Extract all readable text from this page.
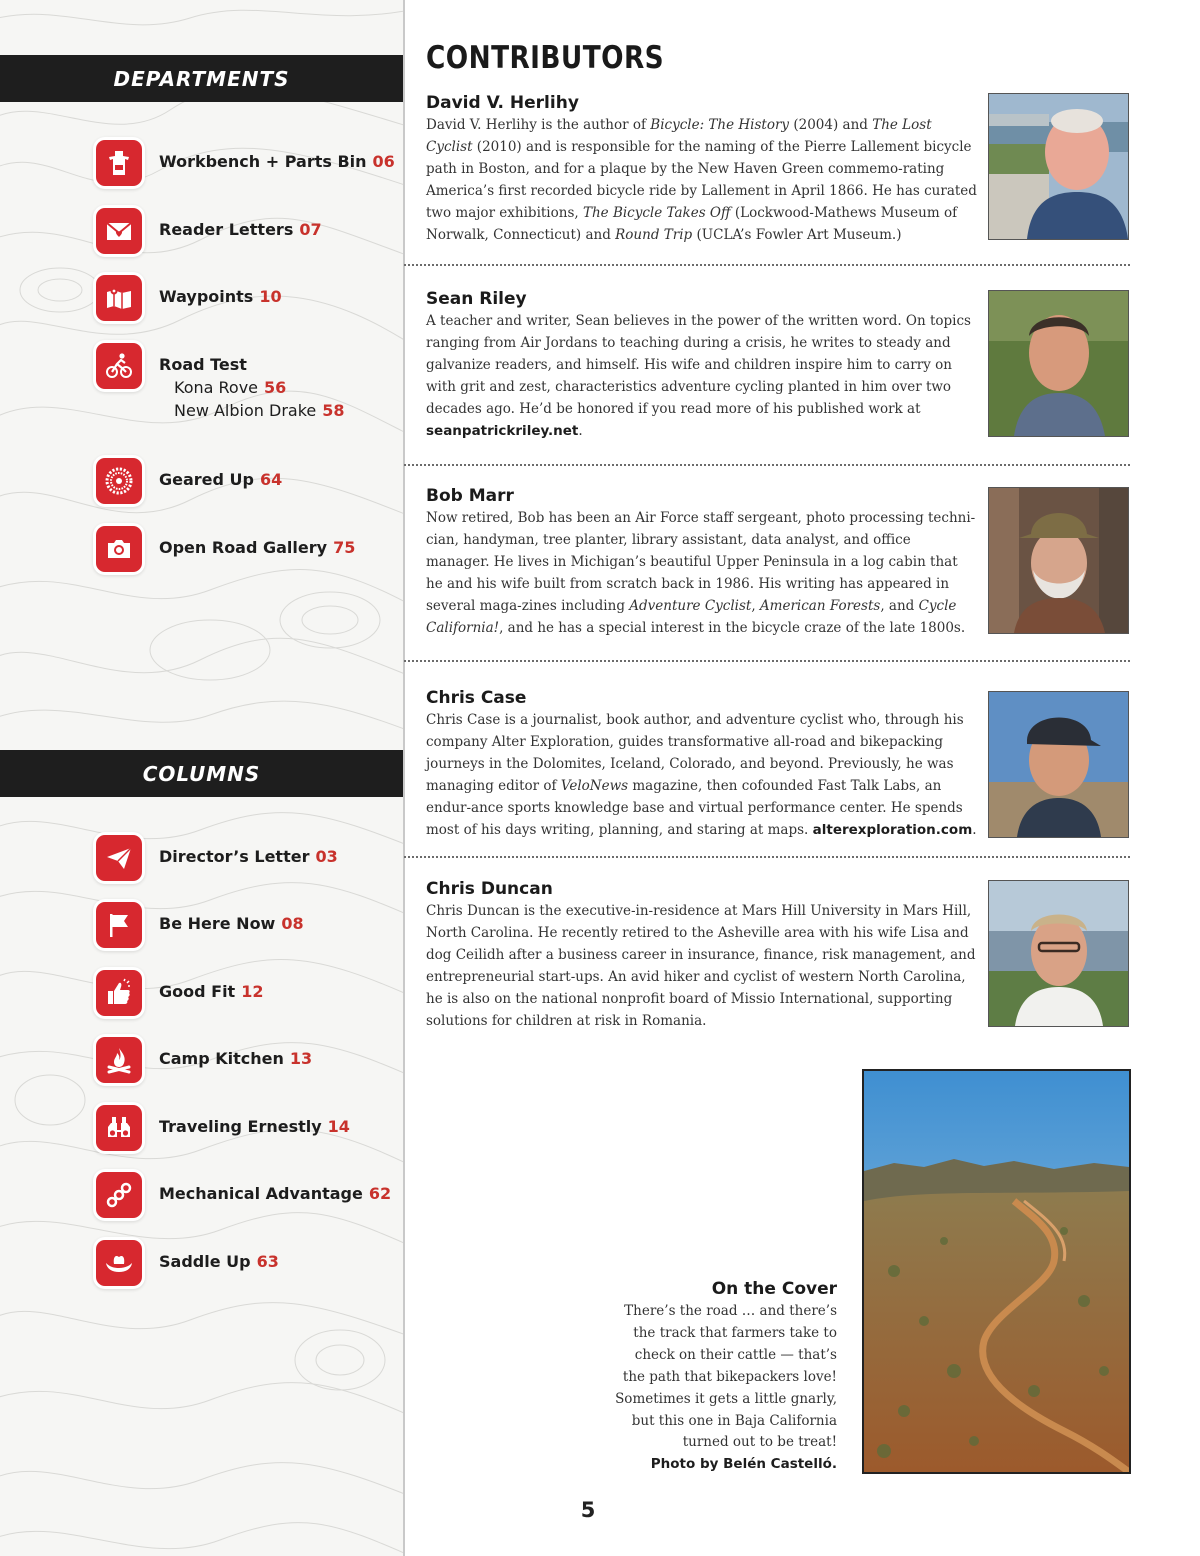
DEPARTMENTS
COLUMNS
Workbench + Parts Bin 06
Reader Letters 07
Waypoints 10
Road Test
Kona Rove 56
New Albion Drake 58
Geared Up 64
Open Road Gallery 75
Director’s Letter 03
Be Here Now 08
Good Fit 12
Camp Kitchen 13
Traveling Ernestly 14
Mechanical Advantage 62
Saddle Up 63
CONTRIBUTORS
David V. Herlihy

David V. Herlihy is the author of Bicycle: The History (2004) and The Lost Cyclist (2010) and is responsible for the naming of the Pierre Lallement bicycle path in Boston, and for a plaque by the New Haven Green commemo-rating America’s first recorded bicycle ride by Lallement in April 1866. He has curated two major exhibitions, The Bicycle Takes Off (Lockwood-Mathews Museum of Norwalk, Connecticut) and Round Trip (UCLA’s Fowler Art Museum.)

Sean Riley

A teacher and writer, Sean believes in the power of the written word. On topics ranging from Air Jordans to teaching during a crisis, he writes to steady and galvanize readers, and himself. His wife and children inspire him to carry on with grit and zest, characteristics adventure cycling planted in him over two decades ago. He’d be honored if you read more of his published work at seanpatrickriley.net.

Bob Marr

Now retired, Bob has been an Air Force staff sergeant, photo processing techni-cian, handyman, tree planter, library assistant, data analyst, and office manager. He lives in Michigan’s beautiful Upper Peninsula in a log cabin that he and his wife built from scratch back in 1986. His writing has appeared in several maga-zines including Adventure Cyclist, American Forests, and Cycle California!, and he has a special interest in the bicycle craze of the late 1800s.

Chris Case

Chris Case is a journalist, book author, and adventure cyclist who, through his company Alter Exploration, guides transformative all-road and bikepacking journeys in the Dolomites, Iceland, Colorado, and beyond. Previously, he was managing editor of VeloNews magazine, then cofounded Fast Talk Labs, an endur-ance sports knowledge base and virtual performance center. He spends most of his days writing, planning, and staring at maps. alterexploration.com.

Chris Duncan

Chris Duncan is the executive-in-residence at Mars Hill University in Mars Hill, North Carolina. He recently retired to the Asheville area with his wife Lisa and dog Ceilidh after a business career in insurance, finance, risk management, and entrepreneurial start-ups. An avid hiker and cyclist of western North Carolina, he is also on the national nonprofit board of Missio International, supporting solutions for children at risk in Romania.

On the Cover
There’s the road … and there’s
the track that farmers take to
check on their cattle — that’s
the path that bikepackers love!
Sometimes it gets a little gnarly,
but this one in Baja California
turned out to be treat!
Photo by Belén Castelló.
5
